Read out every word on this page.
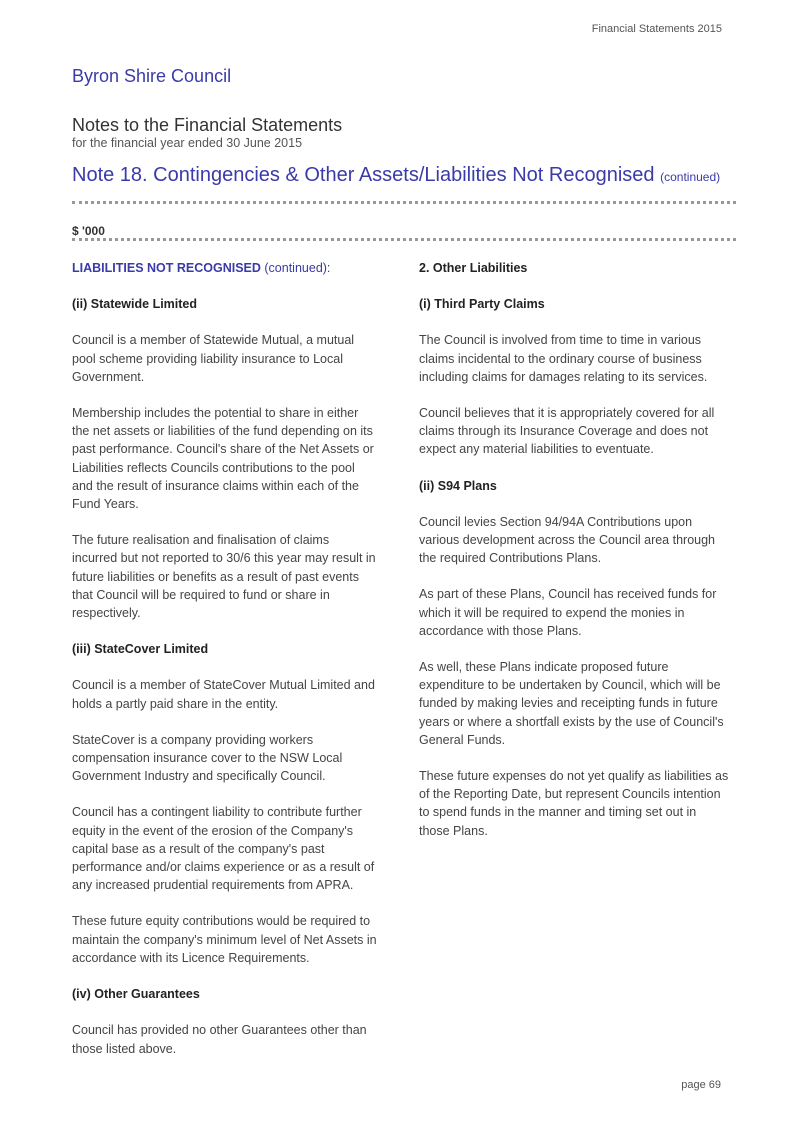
Financial Statements 2015
Byron Shire Council
Notes to the Financial Statements
for the financial year ended 30 June 2015
Note 18. Contingencies & Other Assets/Liabilities Not Recognised (continued)
$ '000
LIABILITIES NOT RECOGNISED (continued):
(ii) Statewide Limited

Council is a member of Statewide Mutual, a mutual pool scheme providing liability insurance to Local Government.

Membership includes the potential to share in either the net assets or liabilities of the fund depending on its past performance. Council's share of the Net Assets or Liabilities reflects Councils contributions to the pool and the result of insurance claims within each of the Fund Years.

The future realisation and finalisation of claims incurred but not reported to 30/6 this year may result in future liabilities or benefits as a result of past events that Council will be required to fund or share in respectively.

(iii) StateCover Limited

Council is a member of StateCover Mutual Limited and holds a partly paid share in the entity.

StateCover is a company providing workers compensation insurance cover to the NSW Local Government Industry and specifically Council.

Council has a contingent liability to contribute further equity in the event of the erosion of the Company's capital base as a result of the company's past performance and/or claims experience or as a result of any increased prudential requirements from APRA.

These future equity contributions would be required to maintain the company's minimum level of Net Assets in accordance with its Licence Requirements.

(iv) Other Guarantees

Council has provided no other Guarantees other than those listed above.

2. Other Liabilities
(i) Third Party Claims

The Council is involved from time to time in various claims incidental to the ordinary course of business including claims for damages relating to its services.

Council believes that it is appropriately covered for all claims through its Insurance Coverage and does not expect any material liabilities to eventuate.

(ii) S94 Plans

Council levies Section 94/94A Contributions upon various development across the Council area through the required Contributions Plans.

As part of these Plans, Council has received funds for which it will be required to expend the monies in accordance with those Plans.

As well, these Plans indicate proposed future expenditure to be undertaken by Council, which will be funded by making levies and receipting funds in future years or where a shortfall exists by the use of Council's General Funds.

These future expenses do not yet qualify as liabilities as of the Reporting Date, but represent Councils intention to spend funds in the manner and timing set out in those Plans.

page 69
